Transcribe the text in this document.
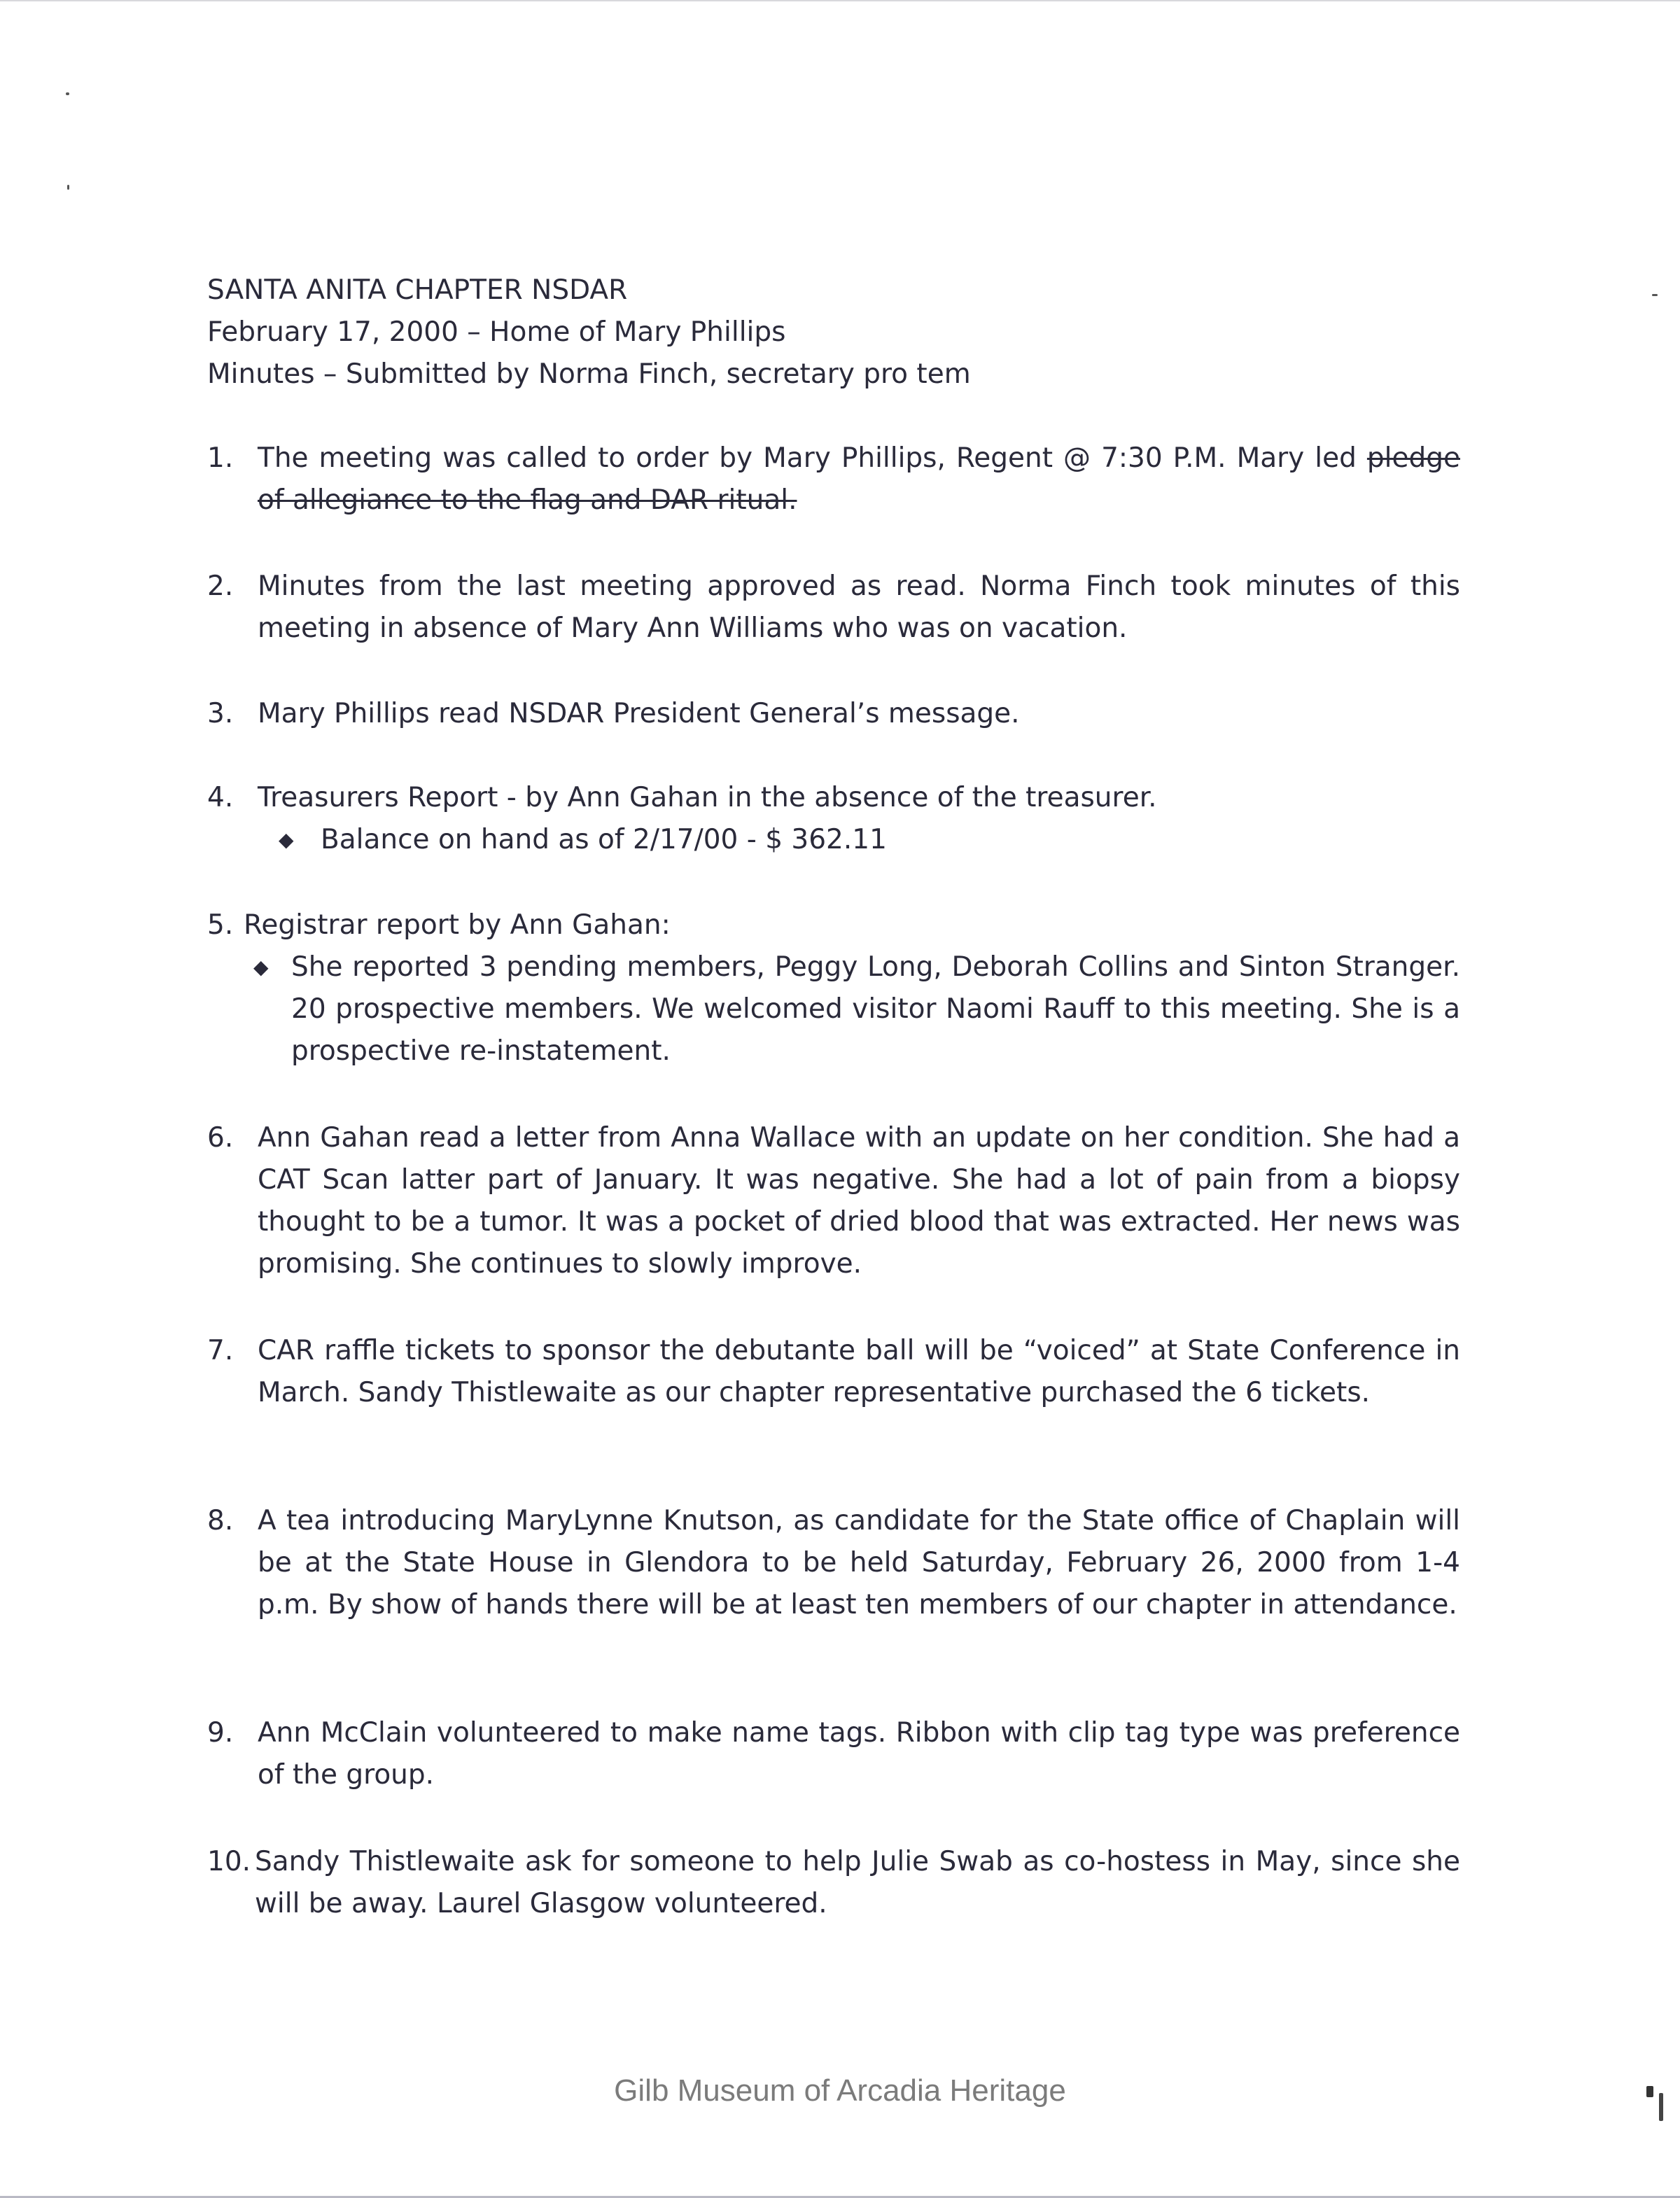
SANTA ANITA CHAPTER NSDAR
February 17, 2000 – Home of Mary Phillips
Minutes – Submitted by Norma Finch, secretary pro tem
1. The meeting was called to order by Mary Phillips, Regent @ 7:30 P.M. Mary led pledge of allegiance to the flag and DAR ritual.
2. Minutes from the last meeting approved as read. Norma Finch took minutes of this meeting in absence of Mary Ann Williams who was on vacation.
3. Mary Phillips read NSDAR President General’s message.
4. Treasurers Report - by Ann Gahan in the absence of the treasurer.
◆ Balance on hand as of 2/17/00 - $ 362.11
5. Registrar report by Ann Gahan:
◆ She reported 3 pending members, Peggy Long, Deborah Collins and Sinton Stranger. 20 prospective members. We welcomed visitor Naomi Rauff to this meeting. She is a prospective re-instatement.
6. Ann Gahan read a letter from Anna Wallace with an update on her condition. She had a CAT Scan latter part of January. It was negative. She had a lot of pain from a biopsy thought to be a tumor. It was a pocket of dried blood that was extracted. Her news was promising. She continues to slowly improve.
7. CAR raffle tickets to sponsor the debutante ball will be “voiced” at State Conference in March. Sandy Thistlewaite as our chapter representative purchased the 6 tickets.
8. A tea introducing MaryLynne Knutson, as candidate for the State office of Chaplain will be at the State House in Glendora to be held Saturday, February 26, 2000 from 1-4 p.m. By show of hands there will be at least ten members of our chapter in attendance.
9. Ann McClain volunteered to make name tags. Ribbon with clip tag type was preference of the group.
10. Sandy Thistlewaite ask for someone to help Julie Swab as co-hostess in May, since she will be away. Laurel Glasgow volunteered.
Gilb Museum of Arcadia Heritage
